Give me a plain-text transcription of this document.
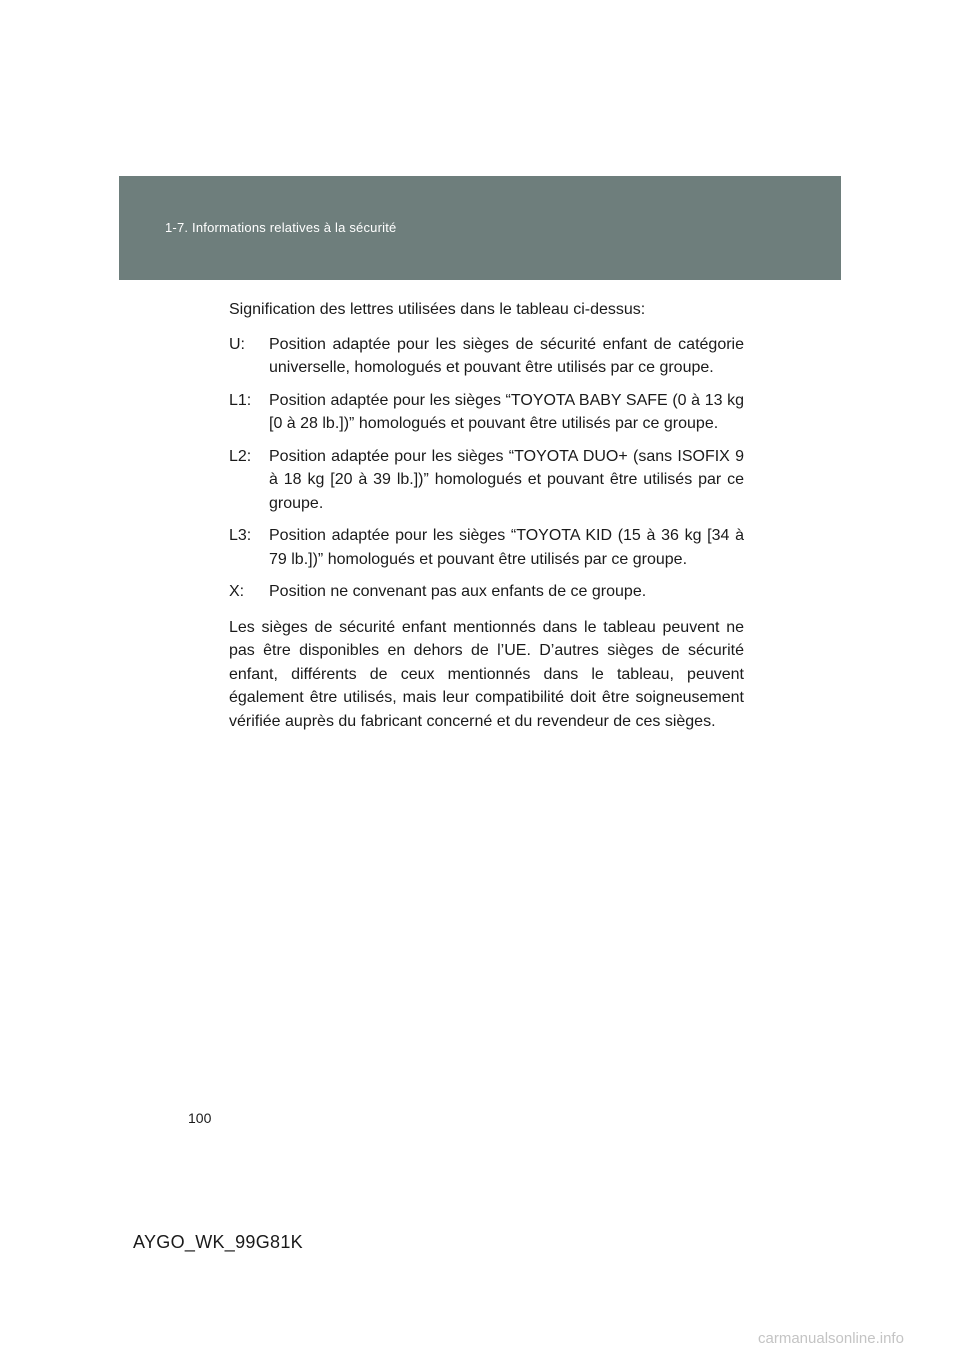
1-7. Informations relatives à la sécurité

Signification des lettres utilisées dans le tableau ci-dessus:

U:	Position adaptée pour les sièges de sécurité enfant de catégorie universelle, homologués et pouvant être utilisés par ce groupe.
L1:	Position adaptée pour les sièges “TOYOTA BABY SAFE (0 à 13 kg [0 à 28 lb.])” homologués et pouvant être utilisés par ce groupe.
L2:	Position adaptée pour les sièges “TOYOTA DUO+ (sans ISOFIX 9 à 18 kg [20 à 39 lb.])” homologués et pouvant être utilisés par ce groupe.
L3:	Position adaptée pour les sièges “TOYOTA KID (15 à 36 kg [34 à 79 lb.])” homologués et pouvant être utilisés par ce groupe.
X:	Position ne convenant pas aux enfants de ce groupe.

Les sièges de sécurité enfant mentionnés dans le tableau peuvent ne pas être disponibles en dehors de l’UE. D’autres sièges de sécurité enfant, différents de ceux mentionnés dans le tableau, peuvent également être utilisés, mais leur compatibilité doit être soigneusement vérifiée auprès du fabricant concerné et du revendeur de ces sièges.

100
AYGO_WK_99G81K
carmanualsonline.info
